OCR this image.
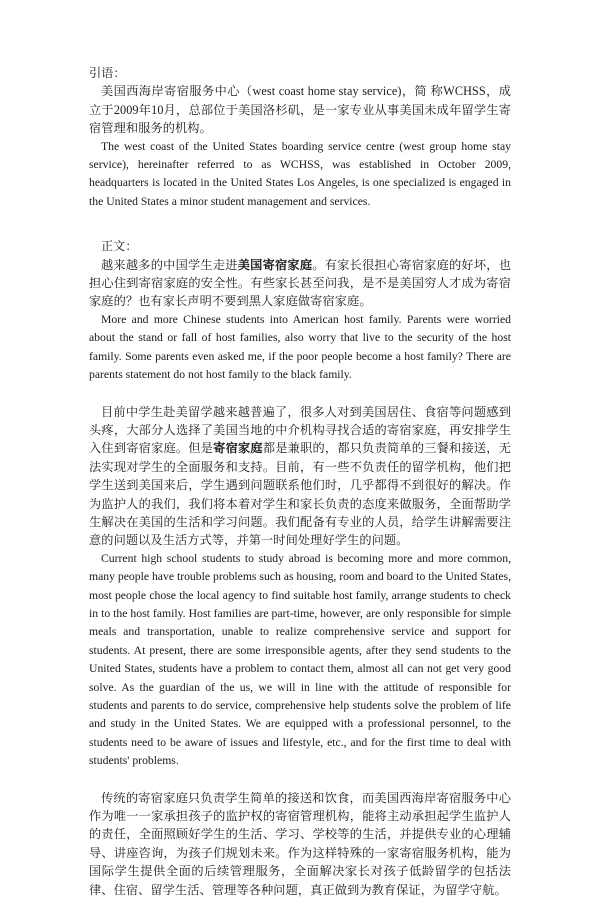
引语：

美国西海岸寄宿服务中心（west coast home stay service)，简 称WCHSS，成立于2009年10月，总部位于美国洛杉矶，是一家专业从事美国未成年留学生寄宿管理和服务的机构。

The west coast of the United States boarding service centre (west group home stay service), hereinafter referred to as WCHSS, was established in October 2009, headquarters is located in the United States Los Angeles, is one specialized is engaged in the United States a minor student management and services.

正文：

越来越多的中国学生走进美国寄宿家庭。有家长很担心寄宿家庭的好坏，也担心住到寄宿家庭的安全性。有些家长甚至问我，是不是美国穷人才成为寄宿家庭的？也有家长声明不要到黑人家庭做寄宿家庭。

More and more Chinese students into American host family. Parents were worried about the stand or fall of host families, also worry that live to the security of the host family. Some parents even asked me, if the poor people become a host family? There are parents statement do not host family to the black family.

目前中学生赴美留学越来越普遍了，很多人对到美国居住、食宿等问题感到头疼，大部分人选择了美国当地的中介机构寻找合适的寄宿家庭，再安排学生入住到寄宿家庭。但是寄宿家庭都是兼职的，都只负责简单的三餐和接送，无法实现对学生的全面服务和支持。目前，有一些不负责任的留学机构，他们把学生送到美国来后，学生遇到问题联系他们时，几乎都得不到很好的解决。作为监护人的我们，我们将本着对学生和家长负责的态度来做服务，全面帮助学生解决在美国的生活和学习问题。我们配备有专业的人员，给学生讲解需要注意的问题以及生活方式等，并第一时间处理好学生的问题。

Current high school students to study abroad is becoming more and more common, many people have trouble problems such as housing, room and board to the United States, most people chose the local agency to find suitable host family, arrange students to check in to the host family. Host families are part-time, however, are only responsible for simple meals and transportation, unable to realize comprehensive service and support for students. At present, there are some irresponsible agents, after they send students to the United States, students have a problem to contact them, almost all can not get very good solve. As the guardian of the us, we will in line with the attitude of responsible for students and parents to do service, comprehensive help students solve the problem of life and study in the United States. We are equipped with a professional personnel, to the students need to be aware of issues and lifestyle, etc., and for the first time to deal with students' problems.

传统的寄宿家庭只负责学生简单的接送和饮食，而美国西海岸寄宿服务中心作为唯一一家承担孩子的监护权的寄宿管理机构，能将主动承担起学生监护人的责任，全面照顾好学生的生活、学习、学校等的生活，并提供专业的心理辅导、讲座咨询，为孩子们规划未来。作为这样特殊的一家寄宿服务机构，能为国际学生提供全面的后续管理服务，全面解决家长对孩子低龄留学的包括法律、住宿、留学生活、管理等各种问题，真正做到为教育保证，为留学守航。
